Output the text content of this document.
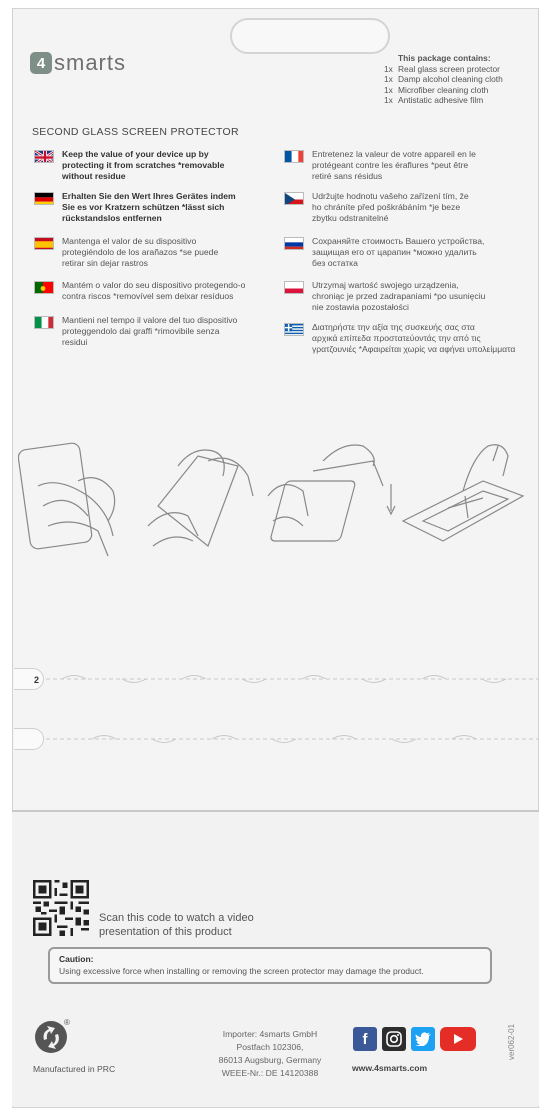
4 smarts	This package contains:
1x Real glass screen protector
1x Damp alcohol cleaning cloth
1x Microfiber cleaning cloth
1x Antistatic adhesive film
SECOND GLASS SCREEN PROTECTOR
Keep the value of your device up by
protecting it from scratches *removable
without residue
Erhalten Sie den Wert Ihres Gerätes indem
Sie es vor Kratzern schützen *lässt sich
rückstandslos entfernen
Mantenga el valor de su dispositivo
protegiéndolo de los arañazos *se puede
retirar sin dejar rastros
Mantém o valor do seu dispositivo protegendo-o
contra riscos *removível sem deixar resíduos
Mantieni nel tempo il valore del tuo dispositivo
proteggendolo dai graffi *rimovibile senza
residui
Entretenez la valeur de votre appareil en le
protégeant contre les éraflures *peut être
retiré sans résidus
Udržujte hodnotu vašeho zařízení tím, že
ho chráníte před poškrábáním *je beze
zbytku odstranitelné
Сохраняйте стоимость Вашего устройства,
защищая его от царапин *можно удалить
без остатка
Utrzymaj wartość swojego urządzenia,
chroniąc je przed zadrapaniami *po usunięciu
nie zostawia pozostałości
Διατηρήστε την αξία της συσκευής σας στα
αρχικά επίπεδα προστατεύοντάς την από τις
γρατζουνιές *Αφαιρείται χωρίς να αφήνει υπολείμματα
2
Scan this code to watch a video
presentation of this product
Caution:
Using excessive force when installing or removing the screen protector may damage the product.
®
Manufactured in PRC
Importer: 4smarts GmbH
Postfach 102306,
86013 Augsburg, Germany
WEEE-Nr.: DE 14120388
f
www.4smarts.com
ver062-01
